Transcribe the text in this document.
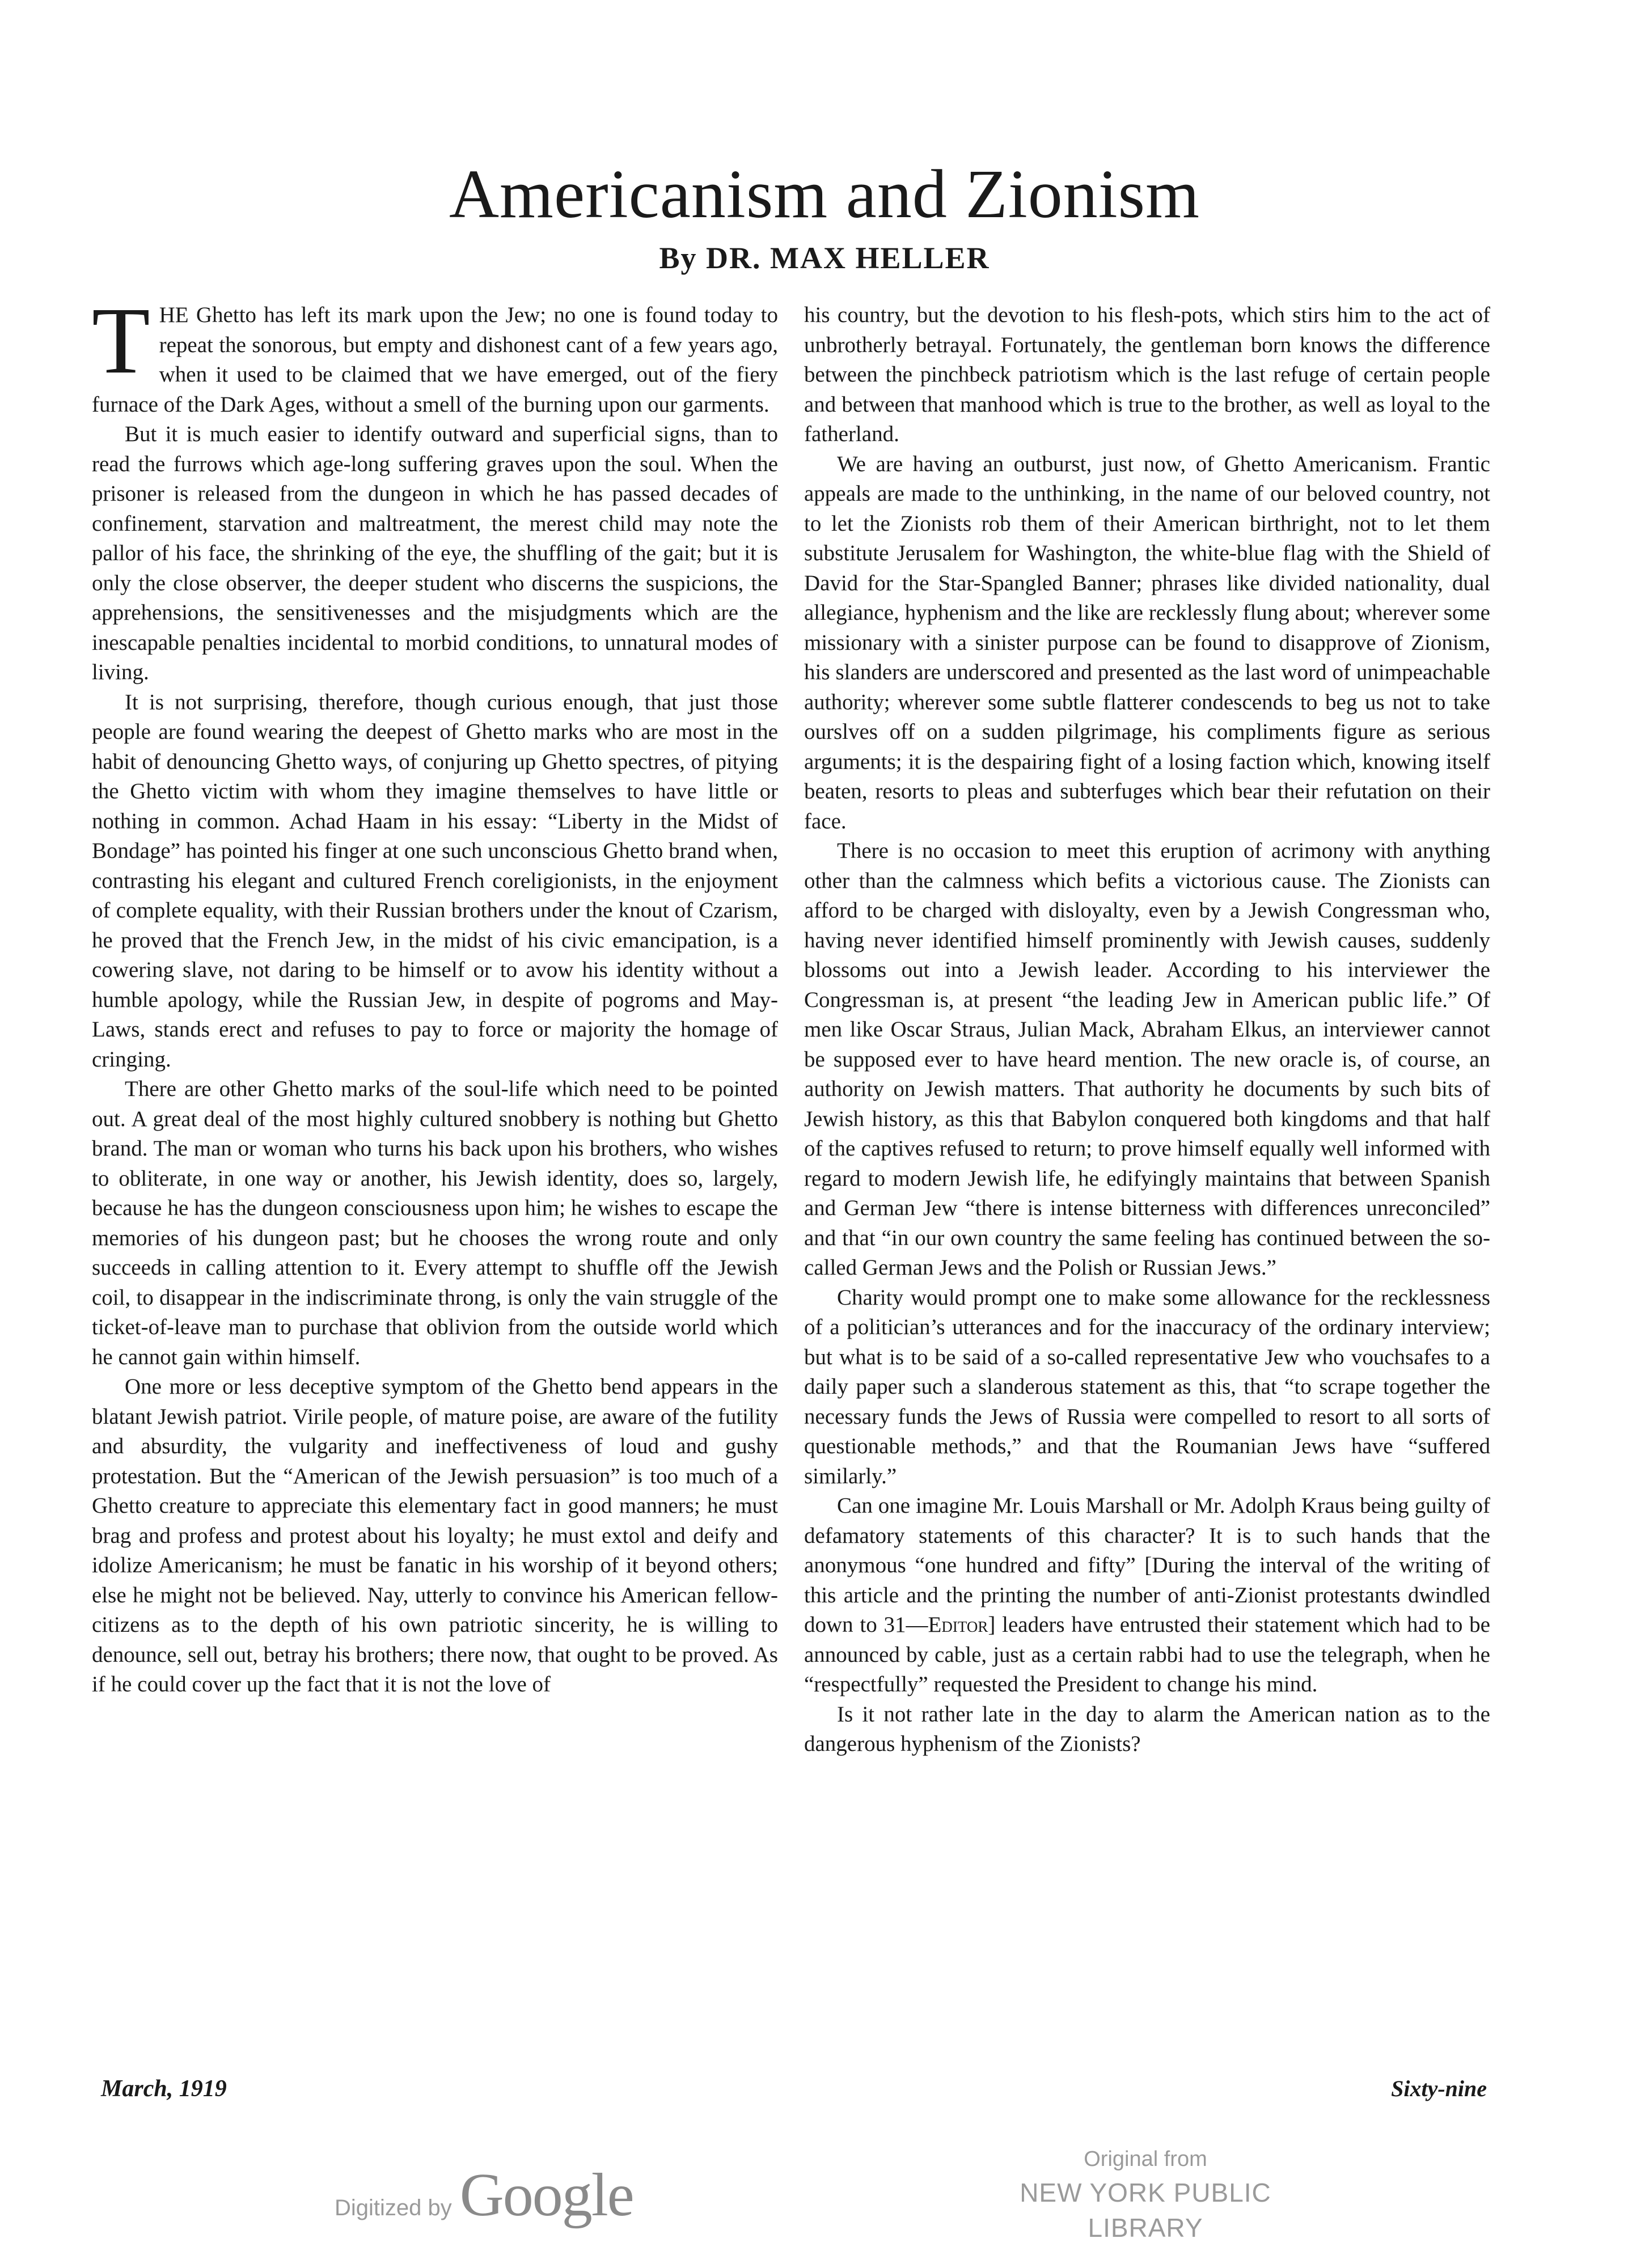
Americanism and Zionism
By DR. MAX HELLER

THE Ghetto has left its mark upon the Jew; no one is found today to repeat the sonorous, but empty and dishonest cant of a few years ago, when it used to be claimed that we have emerged, out of the fiery furnace of the Dark Ages, without a smell of the burning upon our garments.

But it is much easier to identify outward and superficial signs, than to read the furrows which age-long suffering graves upon the soul. When the prisoner is released from the dungeon in which he has passed decades of confinement, starvation and maltreatment, the merest child may note the pallor of his face, the shrinking of the eye, the shuffling of the gait; but it is only the close observer, the deeper student who discerns the suspicions, the apprehensions, the sensitivenesses and the misjudgments which are the inescapable penalties incidental to morbid conditions, to unnatural modes of living.

It is not surprising, therefore, though curious enough, that just those people are found wearing the deepest of Ghetto marks who are most in the habit of denouncing Ghetto ways, of conjuring up Ghetto spectres, of pitying the Ghetto victim with whom they imagine themselves to have little or nothing in common. Achad Haam in his essay: “Liberty in the Midst of Bondage” has pointed his finger at one such unconscious Ghetto brand when, contrasting his elegant and cultured French coreligionists, in the enjoyment of complete equality, with their Russian brothers under the knout of Czarism, he proved that the French Jew, in the midst of his civic emancipation, is a cowering slave, not daring to be himself or to avow his identity without a humble apology, while the Russian Jew, in despite of pogroms and May-Laws, stands erect and refuses to pay to force or majority the homage of cringing.

There are other Ghetto marks of the soul-life which need to be pointed out. A great deal of the most highly cultured snobbery is nothing but Ghetto brand. The man or woman who turns his back upon his brothers, who wishes to obliterate, in one way or another, his Jewish identity, does so, largely, because he has the dungeon consciousness upon him; he wishes to escape the memories of his dungeon past; but he chooses the wrong route and only succeeds in calling attention to it. Every attempt to shuffle off the Jewish coil, to disappear in the indiscriminate throng, is only the vain struggle of the ticket-of-leave man to purchase that oblivion from the outside world which he cannot gain within himself.

One more or less deceptive symptom of the Ghetto bend appears in the blatant Jewish patriot. Virile people, of mature poise, are aware of the futility and absurdity, the vulgarity and ineffectiveness of loud and gushy protestation. But the “American of the Jewish persuasion” is too much of a Ghetto creature to appreciate this elementary fact in good manners; he must brag and profess and protest about his loyalty; he must extol and deify and idolize Americanism; he must be fanatic in his worship of it beyond others; else he might not be believed. Nay, utterly to convince his American fellow-citizens as to the depth of his own patriotic sincerity, he is willing to denounce, sell out, betray his brothers; there now, that ought to be proved. As if he could cover up the fact that it is not the love of

his country, but the devotion to his flesh-pots, which stirs him to the act of unbrotherly betrayal. Fortunately, the gentleman born knows the difference between the pinchbeck patriotism which is the last refuge of certain people and between that manhood which is true to the brother, as well as loyal to the fatherland.

We are having an outburst, just now, of Ghetto Americanism. Frantic appeals are made to the unthinking, in the name of our beloved country, not to let the Zionists rob them of their American birthright, not to let them substitute Jerusalem for Washington, the white-blue flag with the Shield of David for the Star-Spangled Banner; phrases like divided nationality, dual allegiance, hyphenism and the like are recklessly flung about; wherever some missionary with a sinister purpose can be found to disapprove of Zionism, his slanders are underscored and presented as the last word of unimpeachable authority; wherever some subtle flatterer condescends to beg us not to take ourslves off on a sudden pilgrimage, his compliments figure as serious arguments; it is the despairing fight of a losing faction which, knowing itself beaten, resorts to pleas and subterfuges which bear their refutation on their face.

There is no occasion to meet this eruption of acrimony with anything other than the calmness which befits a victorious cause. The Zionists can afford to be charged with disloyalty, even by a Jewish Congressman who, having never identified himself prominently with Jewish causes, suddenly blossoms out into a Jewish leader. According to his interviewer the Congressman is, at present “the leading Jew in American public life.” Of men like Oscar Straus, Julian Mack, Abraham Elkus, an interviewer cannot be supposed ever to have heard mention. The new oracle is, of course, an authority on Jewish matters. That authority he documents by such bits of Jewish history, as this that Babylon conquered both kingdoms and that half of the captives refused to return; to prove himself equally well informed with regard to modern Jewish life, he edifyingly maintains that between Spanish and German Jew “there is intense bitterness with differences unreconciled” and that “in our own country the same feeling has continued between the so-called German Jews and the Polish or Russian Jews.”

Charity would prompt one to make some allowance for the recklessness of a politician’s utterances and for the inaccuracy of the ordinary interview; but what is to be said of a so-called representative Jew who vouchsafes to a daily paper such a slanderous statement as this, that “to scrape together the necessary funds the Jews of Russia were compelled to resort to all sorts of questionable methods,” and that the Roumanian Jews have “suffered similarly.”

Can one imagine Mr. Louis Marshall or Mr. Adolph Kraus being guilty of defamatory statements of this character? It is to such hands that the anonymous “one hundred and fifty” [During the interval of the writing of this article and the printing the number of anti-Zionist protestants dwindled down to 31—Editor] leaders have entrusted their statement which had to be announced by cable, just as a certain rabbi had to use the telegraph, when he “respectfully” requested the President to change his mind.

Is it not rather late in the day to alarm the American nation as to the dangerous hyphenism of the Zionists?

March, 1919	Sixty-nine
Digitized by Google
Original from
NEW YORK PUBLIC LIBRARY
